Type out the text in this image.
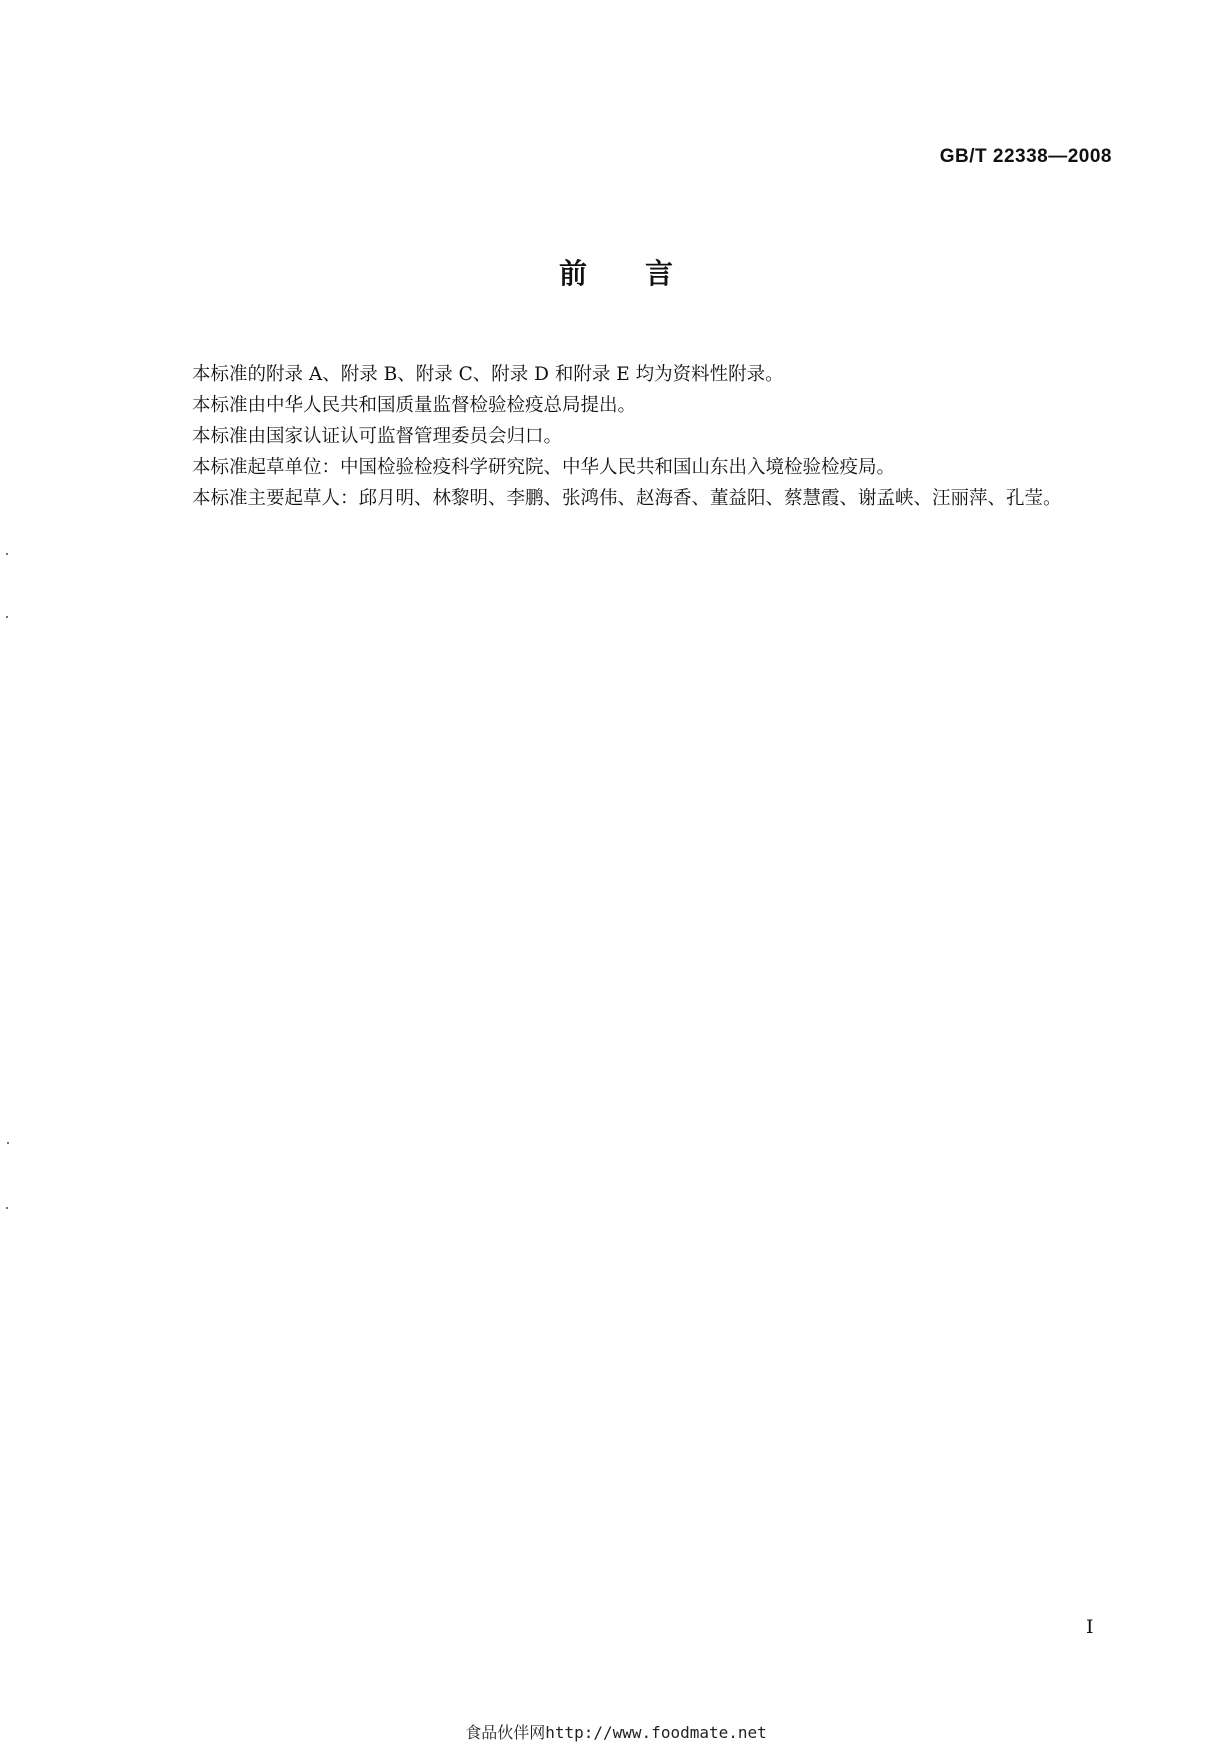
GB/T 22338—2008
前言

本标准的附录 A、附录 B、附录 C、附录 D 和附录 E 均为资料性附录。

本标准由中华人民共和国质量监督检验检疫总局提出。

本标准由国家认证认可监督管理委员会归口。

本标准起草单位：中国检验检疫科学研究院、中华人民共和国山东出入境检验检疫局。

本标准主要起草人：邱月明、林黎明、李鹏、张鸿伟、赵海香、董益阳、蔡慧霞、谢孟峡、汪丽萍、孔莹。

I
食品伙伴网http://www.foodmate.net
